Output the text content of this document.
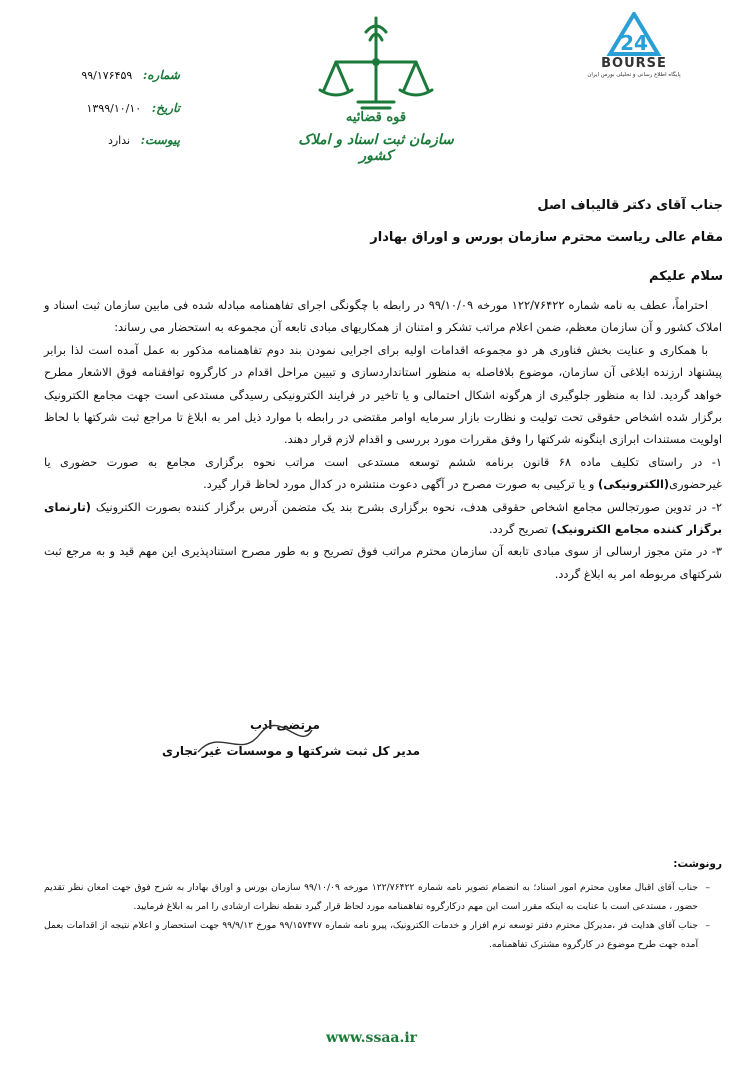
24
BOURSE
پایگاه اطلاع رسانی و تحلیلی بورس ایران
قوه قضائیه
سازمان ثبت اسناد و املاک کشور
شماره:   ۹۹/۱۷۶۴۵۹
تاریخ:   ۱۳۹۹/۱۰/۱۰
پیوست:   ندارد
جناب آقای دکتر قالیباف اصل
مقام عالی ریاست محترم سازمان بورس و اوراق بهادار
سلام علیکم

احتراماً، عطف به نامه شماره ۱۲۲/۷۶۴۲۲ مورخه ۹۹/۱۰/۰۹ در رابطه با چگونگی اجرای تفاهمنامه مبادله شده فی مابین سازمان ثبت اسناد و املاک کشور و آن سازمان معظم، ضمن اعلام مراتب تشکر و امتنان از همکاریهای مبادی تابعه آن مجموعه به استحضار می رساند:

با همکاری و عنایت بخش فناوری هر دو مجموعه اقدامات اولیه برای اجرایی نمودن بند دوم تفاهمنامه مذکور به عمل آمده است لذا برابر پیشنهاد ارزنده ابلاغی آن سازمان، موضوع بلافاصله به منظور استانداردسازی و تبیین مراحل اقدام در کارگروه توافقنامه فوق الاشعار مطرح خواهد گردید. لذا به منظور جلوگیری از هرگونه اشکال احتمالی و یا تاخیر در فرایند الکترونیکی رسیدگی مستدعی است جهت مجامع الکترونیک برگزار شده اشخاص حقوقی تحت تولیت و نظارت بازار سرمایه اوامر مقتضی در رابطه با موارد ذیل امر به ابلاغ تا مراجع ثبت شرکتها با لحاظ اولویت مستندات ابرازی اینگونه شرکتها را وفق مقررات مورد بررسی و اقدام لازم قرار دهند.

۱- در راستای تکلیف ماده ۶۸ قانون برنامه ششم توسعه مستدعی است مراتب نحوه برگزاری مجامع به صورت حضوری یا غیرحضوری(الکترونیکی) و یا ترکیبی به صورت مصرح در آگهی دعوت منتشره در کدال مورد لحاظ قرار گیرد.

۲- در تدوین صورتجالس مجامع اشخاص حقوقی هدف، نحوه برگزاری بشرح بند یک متضمن آدرس برگزار کننده بصورت الکترونیک (تارنمای برگزار کننده مجامع الکترونیک) تصریح گردد.

۳- در متن مجوز ارسالی از سوی مبادی تابعه آن سازمان محترم مراتب فوق تصریح و به طور مصرح استنادپذیری این مهم قید و به مرجع ثبت شرکتهای مربوطه امر به ابلاغ گردد.

مرتضی ادب
مدیر کل ثبت شرکتها و موسسات غیر تجاری
رونوشت:
– جناب آقای اقبال معاون محترم امور اسناد؛ به انضمام تصویر نامه شماره ۱۲۲/۷۶۴۲۲ مورخه ۹۹/۱۰/۰۹ سازمان بورس و اوراق بهادار به شرح فوق جهت امعان نظر تقدیم حضور ، مستدعی است با عنایت به اینکه مقرر است این مهم درکارگروه تفاهمنامه مورد لحاظ قرار گیرد نقطه نظرات ارشادی را امر به ابلاغ فرمایید.
– جناب آقای هدایت فر ،مدیرکل محترم دفتر توسعه نرم افزار و خدمات الکترونیک، پیرو نامه شماره ۹۹/۱۵۷۴۷۷ مورخ ۹۹/۹/۱۲ جهت استحضار و اعلام نتیجه از اقدامات بعمل آمده جهت طرح موضوع در کارگروه مشترک تفاهمنامه.
www.ssaa.ir
